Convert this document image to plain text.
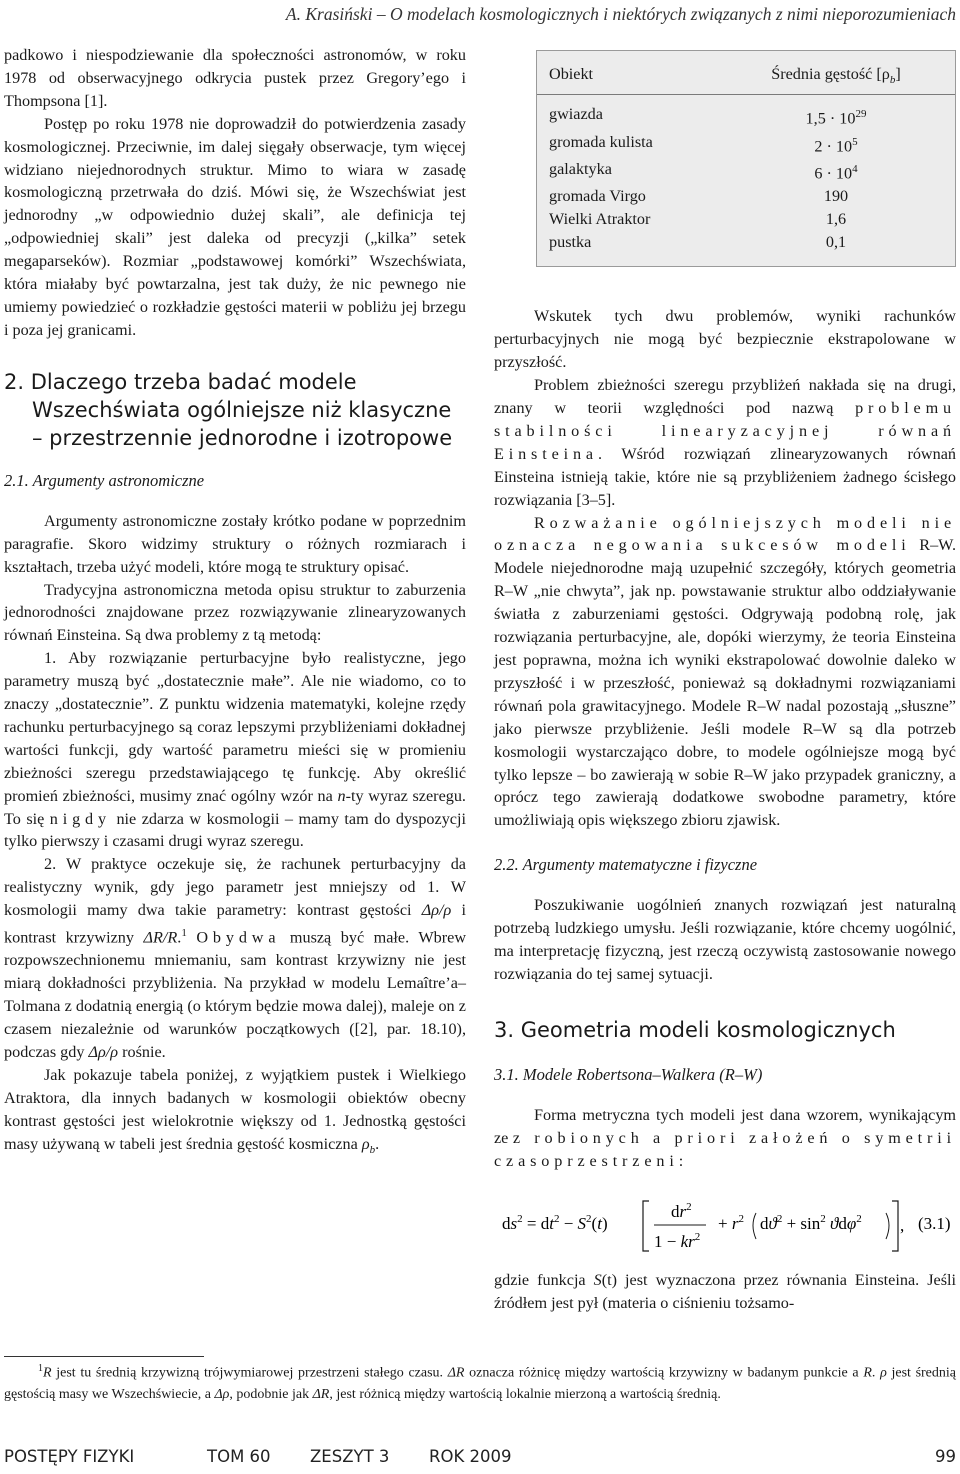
A. Krasiński – O modelach kosmologicznych i niektórych związanych z nimi nieporozumieniach

padkowo i niespodziewanie dla społeczności astronomów, w roku 1978 od obserwacyjnego odkrycia pustek przez Gregory’ego i Thompsona [1].

Postęp po roku 1978 nie doprowadził do potwierdzenia zasady kosmologicznej. Przeciwnie, im dalej sięgały obserwacje, tym więcej widziano niejednorodnych struktur. Mimo to wiara w zasadę kosmologiczną przetrwała do dziś. Mówi się, że Wszechświat jest jednorodny „w odpowiednio dużej skali”, ale definicja tej „odpowiedniej skali” jest daleka od precyzji („kilka” setek megaparseków). Rozmiar „podstawowej komórki” Wszechświata, która miałaby być powtarzalna, jest tak duży, że nic pewnego nie umiemy powiedzieć o rozkładzie gęstości materii w pobliżu jej brzegu i poza jej granicami.

2. Dlaczego trzeba badać modele Wszechświata ogólniejsze niż klasyczne – przestrzennie jednorodne i izotropowe
2.1. Argumenty astronomiczne

Argumenty astronomiczne zostały krótko podane w poprzednim paragrafie. Skoro widzimy struktury o różnych rozmiarach i kształtach, trzeba użyć modeli, które mogą te struktury opisać.

Tradycyjna astronomiczna metoda opisu struktur to zaburzenia jednorodności znajdowane przez rozwiązywanie zlinearyzowanych równań Einsteina. Są dwa problemy z tą metodą:

1. Aby rozwiązanie perturbacyjne było realistyczne, jego parametry muszą być „dostatecznie małe”. Ale nie wiadomo, co to znaczy „dostatecznie”. Z punktu widzenia matematyki, kolejne rzędy rachunku perturbacyjnego są coraz lepszymi przybliżeniami dokładnej wartości funkcji, gdy wartość parametru mieści się w promieniu zbieżności szeregu przedstawiającego tę funkcję. Aby określić promień zbieżności, musimy znać ogólny wzór na n-ty wyraz szeregu. To się nigdy nie zdarza w kosmologii – mamy tam do dyspozycji tylko pierwszy i czasami drugi wyraz szeregu.

2. W praktyce oczekuje się, że rachunek perturbacyjny da realistyczny wynik, gdy jego parametr jest mniejszy od 1. W kosmologii mamy dwa takie parametry: kontrast gęstości Δρ/ρ i kontrast krzywizny ΔR/R.$^1$ Obydwa muszą być małe. Wbrew rozpowszechnionemu mniemaniu, sam kontrast krzywizny nie jest miarą dokładności przybliżenia. Na przykład w modelu Lemaître’a–Tolmana z dodatnią energią (o którym będzie mowa dalej), maleje on z czasem niezależnie od warunków początkowych ([2], par. 18.10), podczas gdy Δρ/ρ rośnie.

Jak pokazuje tabela poniżej, z wyjątkiem pustek i Wielkiego Atraktora, dla innych badanych w kosmologii obiektów obecny kontrast gęstości jest wielokrotnie większy od 1. Jednostką gęstości masy używaną w tabeli jest średnia gęstość kosmiczna $\rho_b$.

Obiekt	Średnia gęstość $[\rho_b]$
gwiazda	$1,5 \cdot 10^{29}$
gromada kulista	$2 \cdot 10^5$
galaktyka	$6 \cdot 10^4$
gromada Virgo	190
Wielki Atraktor	1,6
pustka	0,1

Wskutek tych dwu problemów, wyniki rachunków perturbacyjnych nie mogą być bezpiecznie ekstrapolowane w przyszłość.

Problem zbieżności szeregu przybliżeń nakłada się na drugi, znany w teorii względności pod nazwą problemu stabilności linearyzacyjnej równań Einsteina. Wśród rozwiązań zlinearyzowanych równań Einsteina istnieją takie, które nie są przybliżeniem żadnego ścisłego rozwiązania [3–5].

Rozważanie ogólniejszych modeli nie oznacza negowania sukcesów modeli R–W. Modele niejednorodne mają uzupełnić szczegóły, których geometria R–W „nie chwyta”, jak np. powstawanie struktur albo oddziaływanie światła z zaburzeniami gęstości. Odgrywają podobną rolę, jak rozwiązania perturbacyjne, ale, dopóki wierzymy, że teoria Einsteina jest poprawna, można ich wyniki ekstrapolować dowolnie daleko w przyszłość i w przeszłość, ponieważ są dokładnymi rozwiązaniami równań pola grawitacyjnego. Modele R–W nadal pozostają „słuszne” jako pierwsze przybliżenie. Jeśli modele R–W są dla potrzeb kosmologii wystarczająco dobre, to modele ogólniejsze mogą być tylko lepsze – bo zawierają w sobie R–W jako przypadek graniczny, a oprócz tego zawierają dodatkowe swobodne parametry, które umożliwiają opis większego zbioru zjawisk.

2.2. Argumenty matematyczne i fizyczne

Poszukiwanie uogólnień znanych rozwiązań jest naturalną potrzebą ludzkiego umysłu. Jeśli rozwiązanie, które chcemy uogólnić, ma interpretację fizyczną, jest rzeczą oczywistą zastosowanie nowego rozwiązania do tej samej sytuacji.

3. Geometria modeli kosmologicznych
3.1. Modele Robertsona–Walkera (R–W)

Forma metryczna tych modeli jest dana wzorem, wynikającym ze z robionych a priori założeń o symetrii czasoprzestrzeni:

$ds^2 = dt^2 - S^2(t)$
$dr^2$
$1 - kr^2$
+ $r^2$ $dϑ^2 + \sin^2 ϑd\varphi^2$ , (3.1)

gdzie funkcja S(t) jest wyznaczona przez równania Einsteina. Jeśli źródłem jest pył (materia o ciśnieniu tożsamo-

$^1$R jest tu średnią krzywizną trójwymiarowej przestrzeni stałego czasu. ΔR oznacza różnicę między wartością krzywizny w badanym punkcie a R. ρ jest średnią gęstością masy we Wszechświecie, a Δρ, podobnie jak ΔR, jest różnicą między wartością lokalnie mierzoną a wartością średnią.
POSTĘPY FIZYKI	TOM 60 ZESZYT 3 ROK 2009	99
